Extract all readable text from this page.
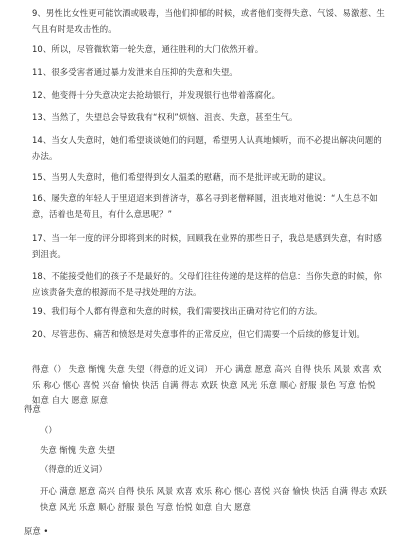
9、男性比女性更可能饮酒或吸毒，当他们抑郁的时候，或者他们变得失意、气馁、易激惹、生气且有时是攻击性的。

10、所以，尽管微软第一轮失意，通往胜利的大门依然开着。

11、很多受害者通过暴力发泄来自压抑的失意和失望。

12、他变得十分失意决定去抢劫银行，并发现银行也带着落腐化。

13、当然了，失望总会导致我有“权利”烦恼、沮丧、失意，甚至生气。

14、当女人失意时，她们希望谈谈她们的问题，希望男人认真地倾听，而不必提出解决问题的办法。

15、当男人失意时，他们希望得到女人温柔的慰藉，而不是批评或无助的建议。

16、屡失意的年轻人于里迢迢来到普济寺，慕名寻到老僧释圆，沮丧地对他说：“人生总不如意，活着也是苟且，有什么意思呢？”

17、当一年一度的评分即将到来的时候，回顾我在业界的那些日子，我总是感到失意，有时感到沮丧。

18、不能接受他们的孩子不是最好的。父母们往往传递的是这样的信息：当你失意的时候，你应该责备失意的根源而不是寻找处理的方法。

19、我们每个人都有得意和失意的时候，我们需要找出正确对待它们的方法。

20、尽管悲伤、痛苦和愤怒是对失意事件的正常反应，但它们需要一个后续的修复计划。

得意（） 失意 惭愧 失意 失望（得意的近义词） 开心 满意 愿意 高兴 自得 快乐 风景 欢喜 欢乐 称心 惬心 喜悦 兴奋 愉快 快活 自满 得志 欢跃 快意 风光 乐意 顺心 舒服 景色 写意 怡悦 如意 自大 愿意 原意

得意
（）
失意 惭愧 失意 失望
（得意的近义词）
开心 满意 愿意 高兴 自得 快乐 风景 欢喜 欢乐 称心 惬心 喜悦 兴奋 愉快 快活 自满 得志 欢跃 快意 风光 乐意 顺心 舒服 景色 写意 怡悦 如意 自大 愿意
原意 •
